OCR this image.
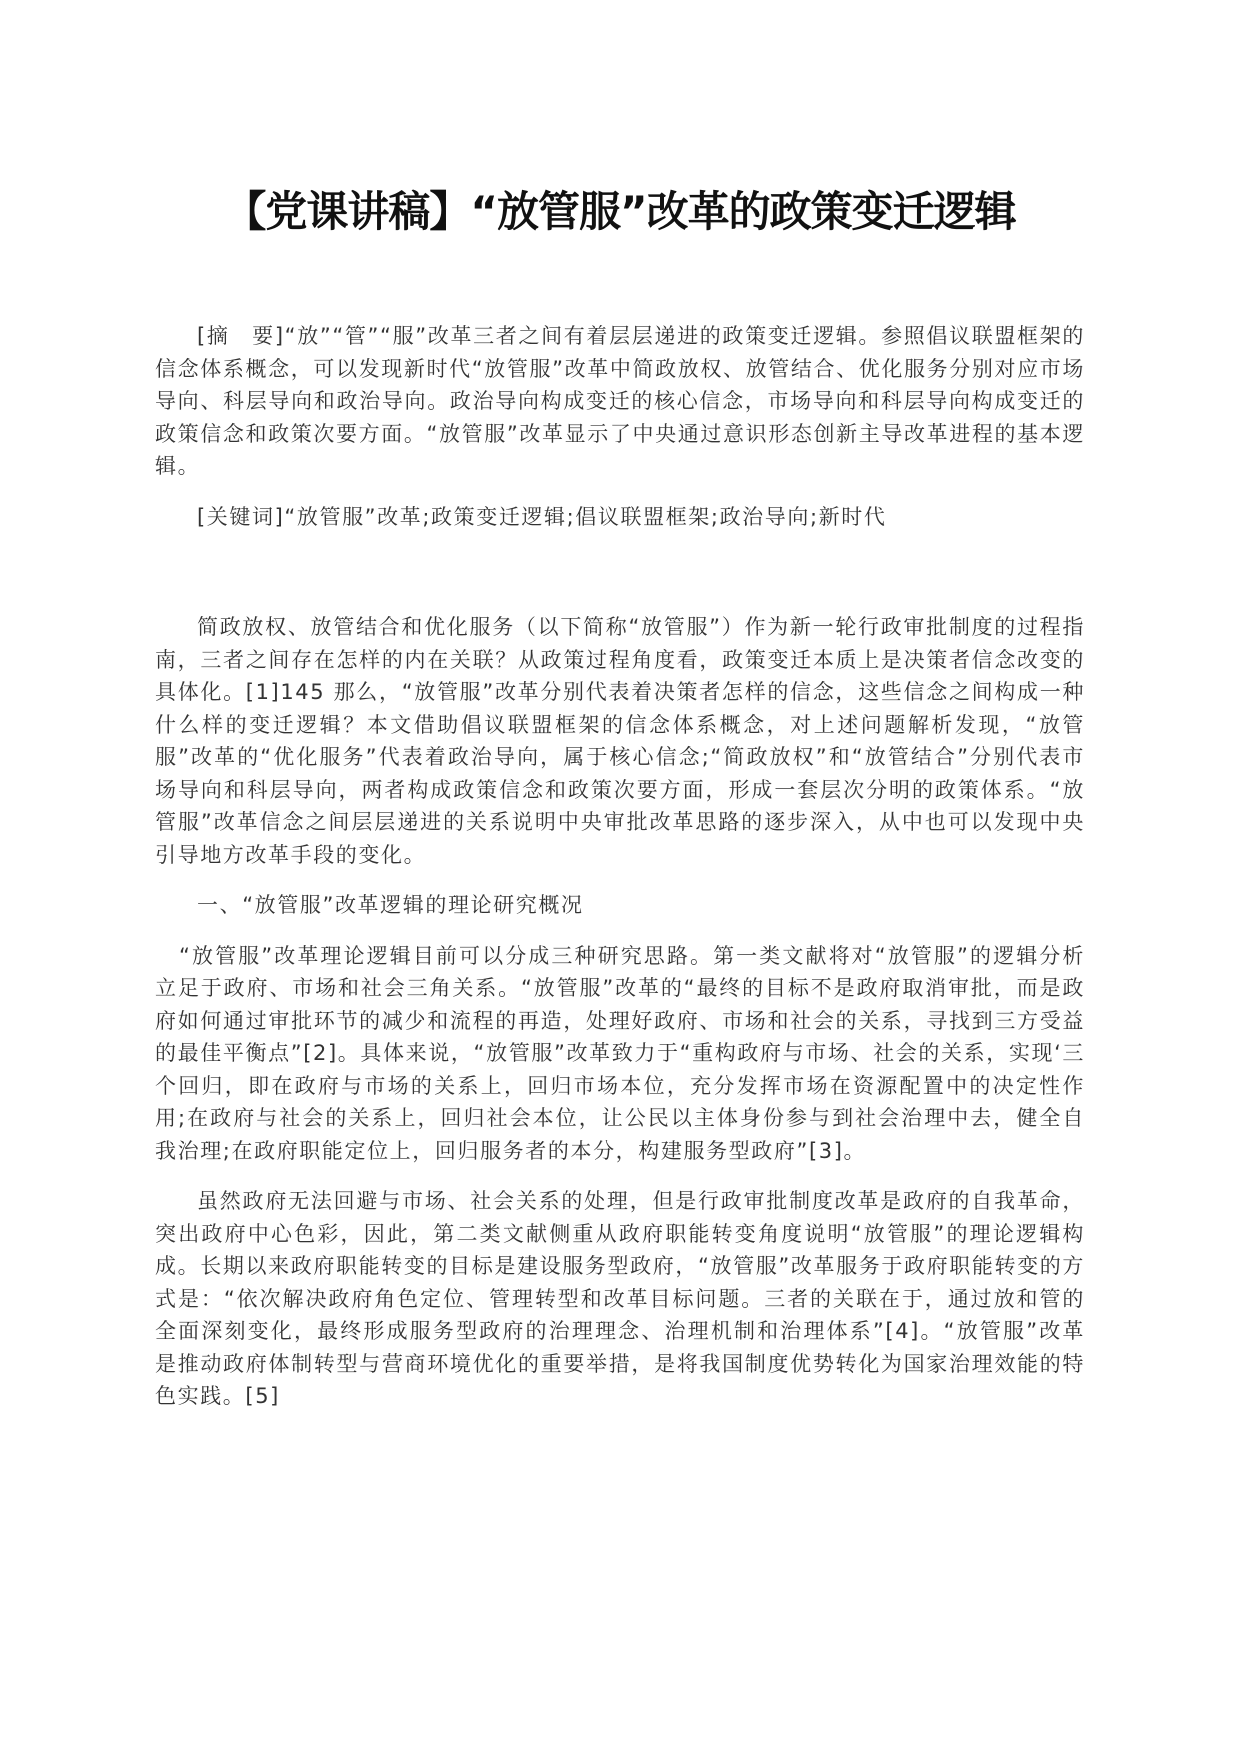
【党课讲稿】“放管服”改革的政策变迁逻辑

[摘　要]“放”“管”“服”改革三者之间有着层层递进的政策变迁逻辑。参照倡议联盟框架的信念体系概念，可以发现新时代“放管服”改革中简政放权、放管结合、优化服务分别对应市场导向、科层导向和政治导向。政治导向构成变迁的核心信念，市场导向和科层导向构成变迁的政策信念和政策次要方面。“放管服”改革显示了中央通过意识形态创新主导改革进程的基本逻辑。

[关键词]“放管服”改革;政策变迁逻辑;倡议联盟框架;政治导向;新时代

简政放权、放管结合和优化服务（以下简称“放管服”）作为新一轮行政审批制度的过程指南，三者之间存在怎样的内在关联？从政策过程角度看，政策变迁本质上是决策者信念改变的具体化。[1]145 那么，“放管服”改革分别代表着决策者怎样的信念，这些信念之间构成一种什么样的变迁逻辑？本文借助倡议联盟框架的信念体系概念，对上述问题解析发现，“放管服”改革的“优化服务”代表着政治导向，属于核心信念;“简政放权”和“放管结合”分别代表市场导向和科层导向，两者构成政策信念和政策次要方面，形成一套层次分明的政策体系。“放管服”改革信念之间层层递进的关系说明中央审批改革思路的逐步深入，从中也可以发现中央引导地方改革手段的变化。

一、“放管服”改革逻辑的理论研究概况

“放管服”改革理论逻辑目前可以分成三种研究思路。第一类文献将对“放管服”的逻辑分析立足于政府、市场和社会三角关系。“放管服”改革的“最终的目标不是政府取消审批，而是政府如何通过审批环节的减少和流程的再造，处理好政府、市场和社会的关系，寻找到三方受益的最佳平衡点”[2]。具体来说，“放管服”改革致力于“重构政府与市场、社会的关系，实现‘三个回归，即在政府与市场的关系上，回归市场本位，充分发挥市场在资源配置中的决定性作用;在政府与社会的关系上，回归社会本位，让公民以主体身份参与到社会治理中去，健全自我治理;在政府职能定位上，回归服务者的本分，构建服务型政府”[3]。

虽然政府无法回避与市场、社会关系的处理，但是行政审批制度改革是政府的自我革命，突出政府中心色彩，因此，第二类文献侧重从政府职能转变角度说明“放管服”的理论逻辑构成。长期以来政府职能转变的目标是建设服务型政府，“放管服”改革服务于政府职能转变的方式是：“依次解决政府角色定位、管理转型和改革目标问题。三者的关联在于，通过放和管的全面深刻变化，最终形成服务型政府的治理理念、治理机制和治理体系”[4]。“放管服”改革是推动政府体制转型与营商环境优化的重要举措，是将我国制度优势转化为国家治理效能的特色实践。[5]
